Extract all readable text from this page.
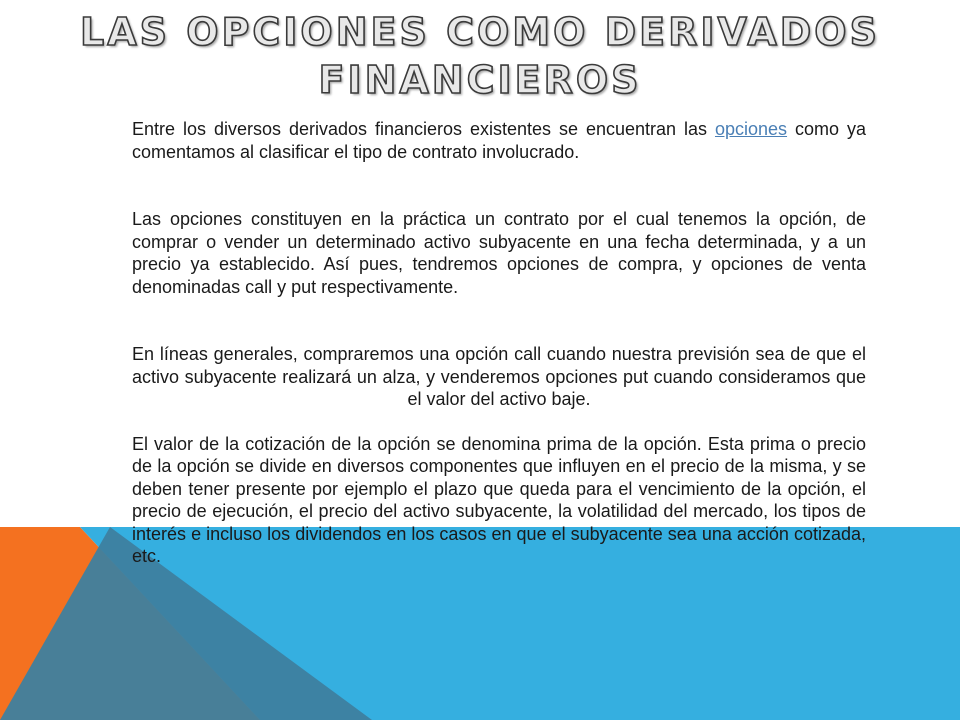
LAS OPCIONES COMO DERIVADOS
FINANCIEROS

Entre los diversos derivados financieros existentes se encuentran las opciones como ya comentamos al clasificar el tipo de contrato involucrado.

Las opciones constituyen en la práctica un contrato por el cual tenemos la opción, de comprar o vender un determinado activo subyacente en una fecha determinada, y a un precio ya establecido. Así pues, tendremos opciones de compra, y opciones de venta denominadas call y put respectivamente.

En líneas generales, compraremos una opción call cuando nuestra previsión sea de que el activo subyacente realizará un alza, y venderemos opciones put cuando consideramos que el valor del activo baje.

El valor de la cotización de la opción se denomina prima de la opción. Esta prima o precio de la opción se divide en diversos componentes que influyen en el precio de la misma, y se deben tener presente por ejemplo el plazo que queda para el vencimiento de la opción, el precio de ejecución, el precio del activo subyacente, la volatilidad del mercado, los tipos de interés e incluso los dividendos en los casos en que el subyacente sea una acción cotizada, etc.
